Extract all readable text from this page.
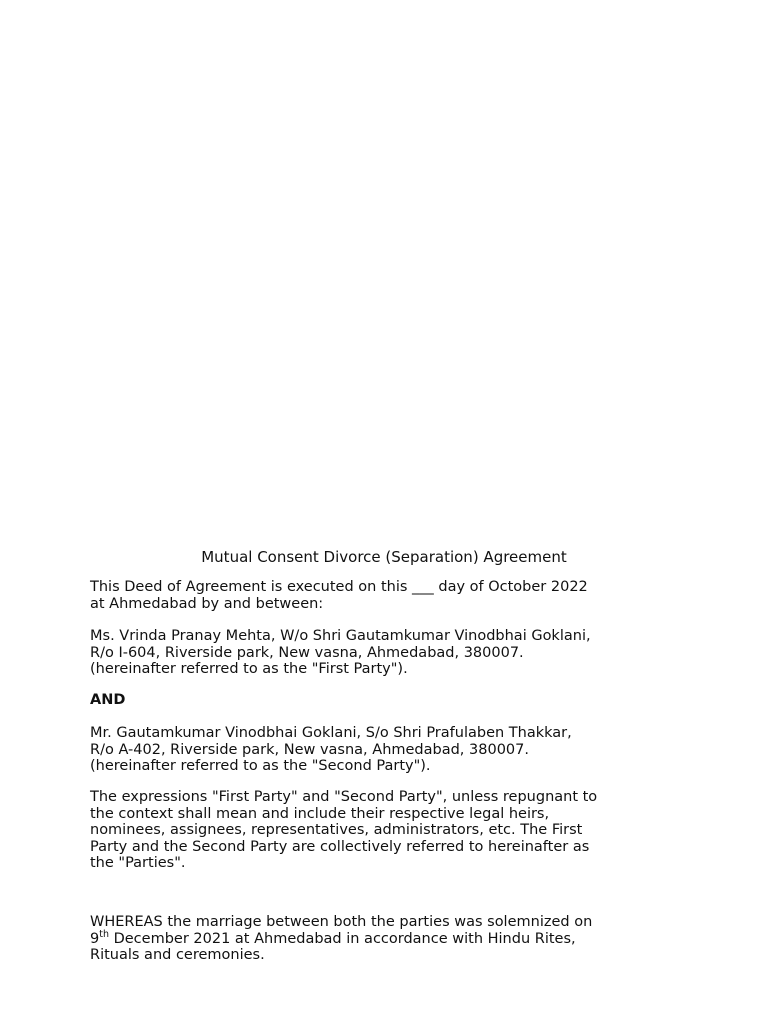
Mutual Consent Divorce (Separation) Agreement

This Deed of Agreement is executed on this ___ day of October 2022
at Ahmedabad by and between:

Ms. Vrinda Pranay Mehta, W/o Shri Gautamkumar Vinodbhai Goklani,
R/o I-604, Riverside park, New vasna, Ahmedabad, 380007.
(hereinafter referred to as the "First Party").

AND

Mr. Gautamkumar Vinodbhai Goklani, S/o Shri Prafulaben Thakkar,
R/o A-402, Riverside park, New vasna, Ahmedabad, 380007.
(hereinafter referred to as the "Second Party").

The expressions "First Party" and "Second Party", unless repugnant to
the context shall mean and include their respective legal heirs,
nominees, assignees, representatives, administrators, etc. The First
Party and the Second Party are collectively referred to hereinafter as
the "Parties".

WHEREAS the marriage between both the parties was solemnized on
9th December 2021 at Ahmedabad in accordance with Hindu Rites,
Rituals and ceremonies.
